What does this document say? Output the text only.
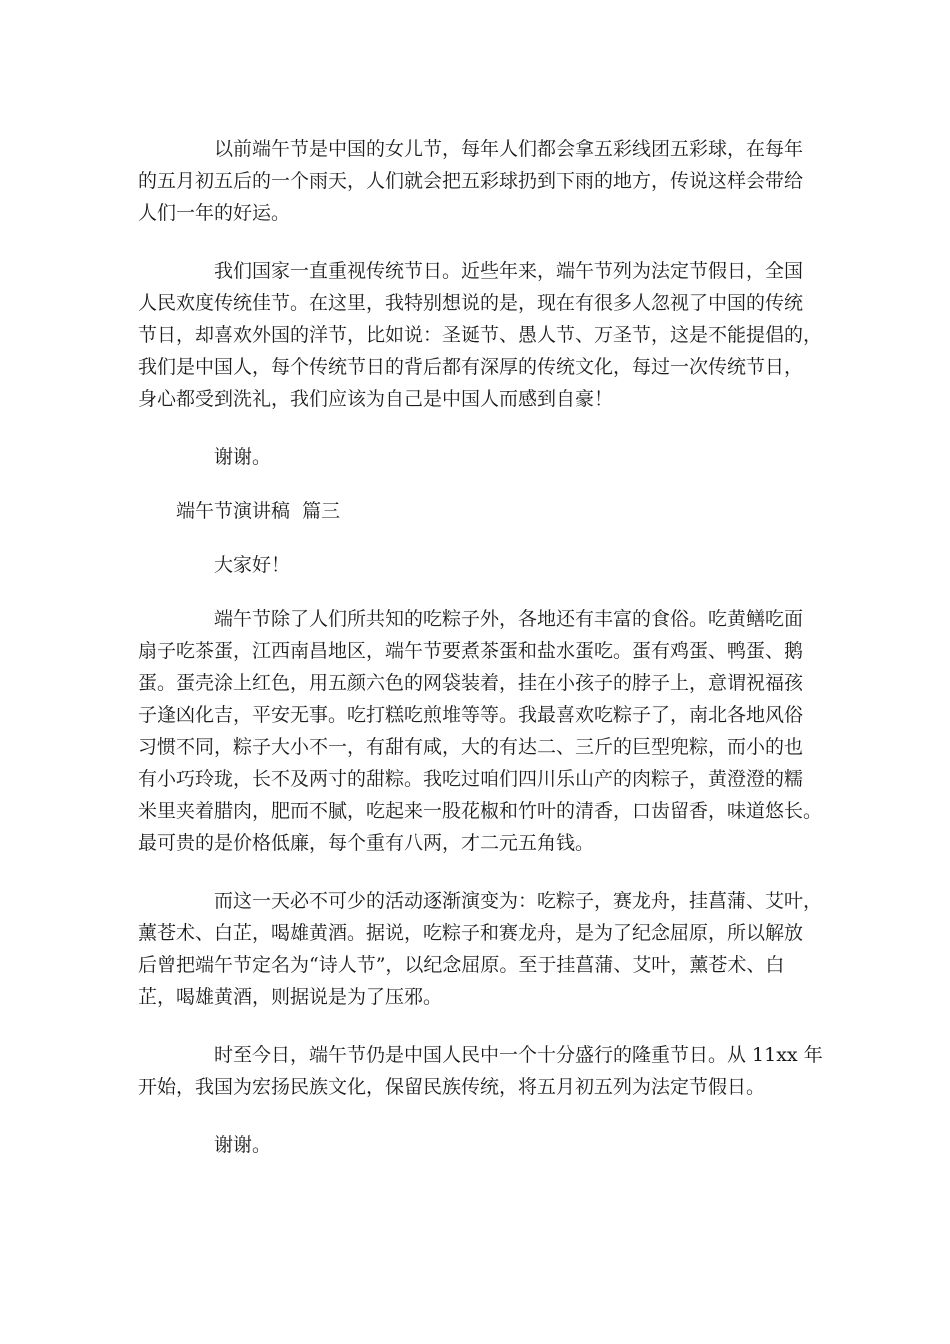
以前端午节是中国的女儿节，每年人们都会拿五彩线团五彩球，在每年
的五月初五后的一个雨天，人们就会把五彩球扔到下雨的地方，传说这样会带给
人们一年的好运。

我们国家一直重视传统节日。近些年来，端午节列为法定节假日，全国
人民欢度传统佳节。在这里，我特别想说的是，现在有很多人忽视了中国的传统
节日，却喜欢外国的洋节，比如说：圣诞节、愚人节、万圣节，这是不能提倡的，
我们是中国人，每个传统节日的背后都有深厚的传统文化，每过一次传统节日，
身心都受到洗礼，我们应该为自己是中国人而感到自豪！

谢谢。

端午节演讲稿  篇三

大家好！

端午节除了人们所共知的吃粽子外，各地还有丰富的食俗。吃黄鳝吃面
扇子吃茶蛋，江西南昌地区，端午节要煮茶蛋和盐水蛋吃。蛋有鸡蛋、鸭蛋、鹅
蛋。蛋壳涂上红色，用五颜六色的网袋装着，挂在小孩子的脖子上，意谓祝福孩
子逢凶化吉，平安无事。吃打糕吃煎堆等等。我最喜欢吃粽子了，南北各地风俗
习惯不同，粽子大小不一，有甜有咸，大的有达二、三斤的巨型兜粽，而小的也
有小巧玲珑，长不及两寸的甜粽。我吃过咱们四川乐山产的肉粽子，黄澄澄的糯
米里夹着腊肉，肥而不腻，吃起来一股花椒和竹叶的清香，口齿留香，味道悠长。
最可贵的是价格低廉，每个重有八两，才二元五角钱。

而这一天必不可少的活动逐渐演变为：吃粽子，赛龙舟，挂菖蒲、艾叶，
薰苍术、白芷，喝雄黄酒。据说，吃粽子和赛龙舟，是为了纪念屈原，所以解放
后曾把端午节定名为“诗人节”，以纪念屈原。至于挂菖蒲、艾叶，薰苍术、白
芷，喝雄黄酒，则据说是为了压邪。

时至今日，端午节仍是中国人民中一个十分盛行的隆重节日。从 11xx 年
开始，我国为宏扬民族文化，保留民族传统，将五月初五列为法定节假日。

谢谢。
